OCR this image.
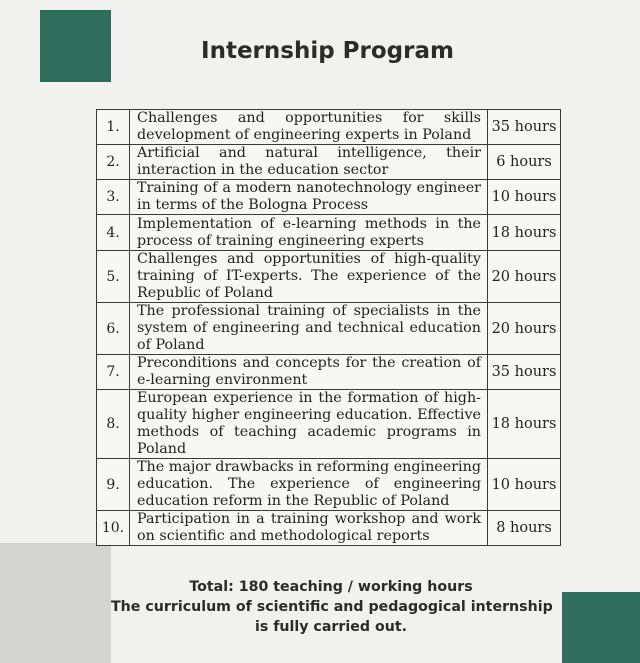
Internship Program
1.	Challenges and opportunities for skills development of engineering experts in Poland	35 hours
2.	Artificial and natural intelligence, their interaction in the education sector	6 hours
3.	Training of a modern nanotechnology engineer in terms of the Bologna Process	10 hours
4.	Implementation of e-learning methods in the process of training engineering experts	18 hours
5.	Challenges and opportunities of high-quality training of IT-experts. The experience of the Republic of Poland	20 hours
6.	The professional training of specialists in the system of engineering and technical education of Poland	20 hours
7.	Preconditions and concepts for the creation of e-learning environment	35 hours
8.	European experience in the formation of high-quality higher engineering education. Effective methods of teaching academic programs in Poland	18 hours
9.	The major drawbacks in reforming engineering education. The experience of engineering education reform in the Republic of Poland	10 hours
10.	Participation in a training workshop and work on scientific and methodological reports	8 hours
Total: 180 teaching / working hours
The curriculum of scientific and pedagogical internship
is fully carried out.
